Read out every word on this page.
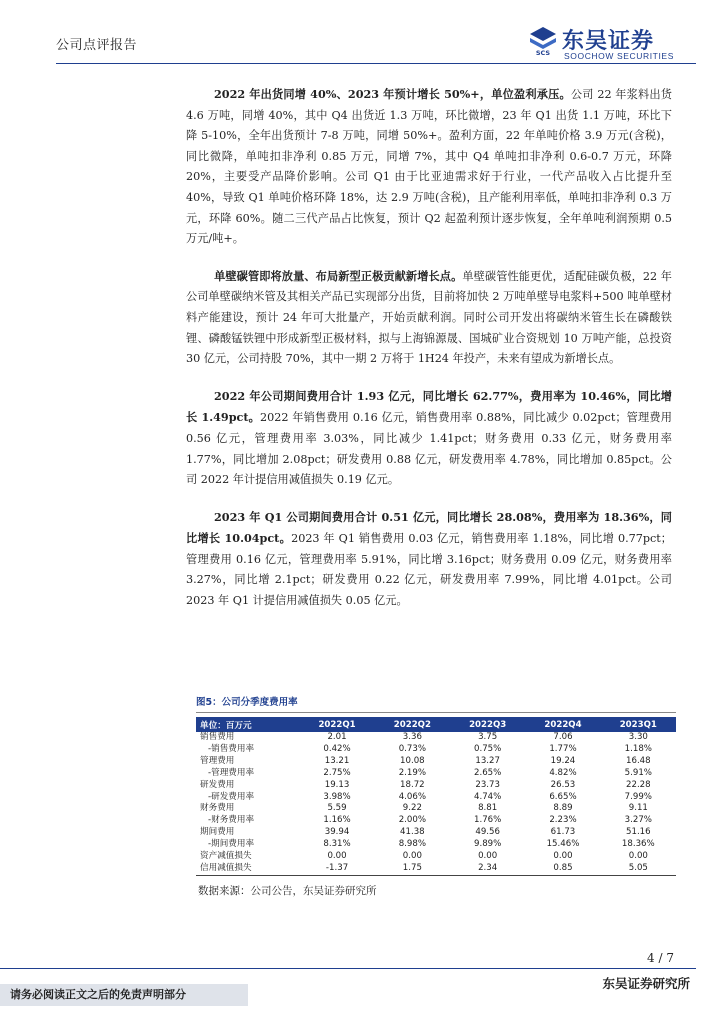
公司点评报告	SCS 东吴证券
SOOCHOW SECURITIES

2022 年出货同增 40%、2023 年预计增长 50%+，单位盈利承压。公司 22 年浆料出货 4.6 万吨，同增 40%，其中 Q4 出货近 1.3 万吨，环比微增，23 年 Q1 出货 1.1 万吨，环比下降 5-10%，全年出货预计 7-8 万吨，同增 50%+。盈利方面，22 年单吨价格 3.9 万元(含税)，同比微降，单吨扣非净利 0.85 万元，同增 7%，其中 Q4 单吨扣非净利 0.6-0.7 万元，环降 20%，主要受产品降价影响。公司 Q1 由于比亚迪需求好于行业，一代产品收入占比提升至 40%，导致 Q1 单吨价格环降 18%，达 2.9 万吨(含税)，且产能利用率低，单吨扣非净利 0.3 万元，环降 60%。随二三代产品占比恢复，预计 Q2 起盈利预计逐步恢复，全年单吨利润预期 0.5 万元/吨+。

单壁碳管即将放量、布局新型正极贡献新增长点。单壁碳管性能更优，适配硅碳负极，22 年公司单壁碳纳米管及其相关产品已实现部分出货，目前将加快 2 万吨单壁导电浆料+500 吨单壁材料产能建设，预计 24 年可大批量产，开始贡献利润。同时公司开发出将碳纳米管生长在磷酸铁锂、磷酸锰铁锂中形成新型正极材料，拟与上海锦源晟、国城矿业合资规划 10 万吨产能，总投资 30 亿元，公司持股 70%，其中一期 2 万将于 1H24 年投产，未来有望成为新增长点。

2022 年公司期间费用合计 1.93 亿元，同比增长 62.77%，费用率为 10.46%，同比增长 1.49pct。2022 年销售费用 0.16 亿元，销售费用率 0.88%，同比减少 0.02pct；管理费用 0.56 亿元，管理费用率 3.03%，同比减少 1.41pct；财务费用 0.33 亿元，财务费用率 1.77%，同比增加 2.08pct；研发费用 0.88 亿元，研发费用率 4.78%，同比增加 0.85pct。公司 2022 年计提信用减值损失 0.19 亿元。

2023 年 Q1 公司期间费用合计 0.51 亿元，同比增长 28.08%，费用率为 18.36%，同比增长 10.04pct。2023 年 Q1 销售费用 0.03 亿元，销售费用率 1.18%，同比增 0.77pct；管理费用 0.16 亿元，管理费用率 5.91%，同比增 3.16pct；财务费用 0.09 亿元，财务费用率 3.27%，同比增 2.1pct；研发费用 0.22 亿元，研发费用率 7.99%，同比增 4.01pct。公司 2023 年 Q1 计提信用减值损失 0.05 亿元。

图5：公司分季度费用率
单位：百万元	2022Q1	2022Q2	2022Q3	2022Q4	2023Q1
销售费用	2.01	3.36	3.75	7.06	3.30
-销售费用率	0.42%	0.73%	0.75%	1.77%	1.18%
管理费用	13.21	10.08	13.27	19.24	16.48
-管理费用率	2.75%	2.19%	2.65%	4.82%	5.91%
研发费用	19.13	18.72	23.73	26.53	22.28
-研发费用率	3.98%	4.06%	4.74%	6.65%	7.99%
财务费用	5.59	9.22	8.81	8.89	9.11
-财务费用率	1.16%	2.00%	1.76%	2.23%	3.27%
期间费用	39.94	41.38	49.56	61.73	51.16
-期间费用率	8.31%	8.98%	9.89%	15.46%	18.36%
资产减值损失	0.00	0.00	0.00	0.00	0.00
信用减值损失	-1.37	1.75	2.34	0.85	5.05
数据来源：公司公告，东吴证券研究所
4 / 7
请务必阅读正文之后的免责声明部分
东吴证券研究所
